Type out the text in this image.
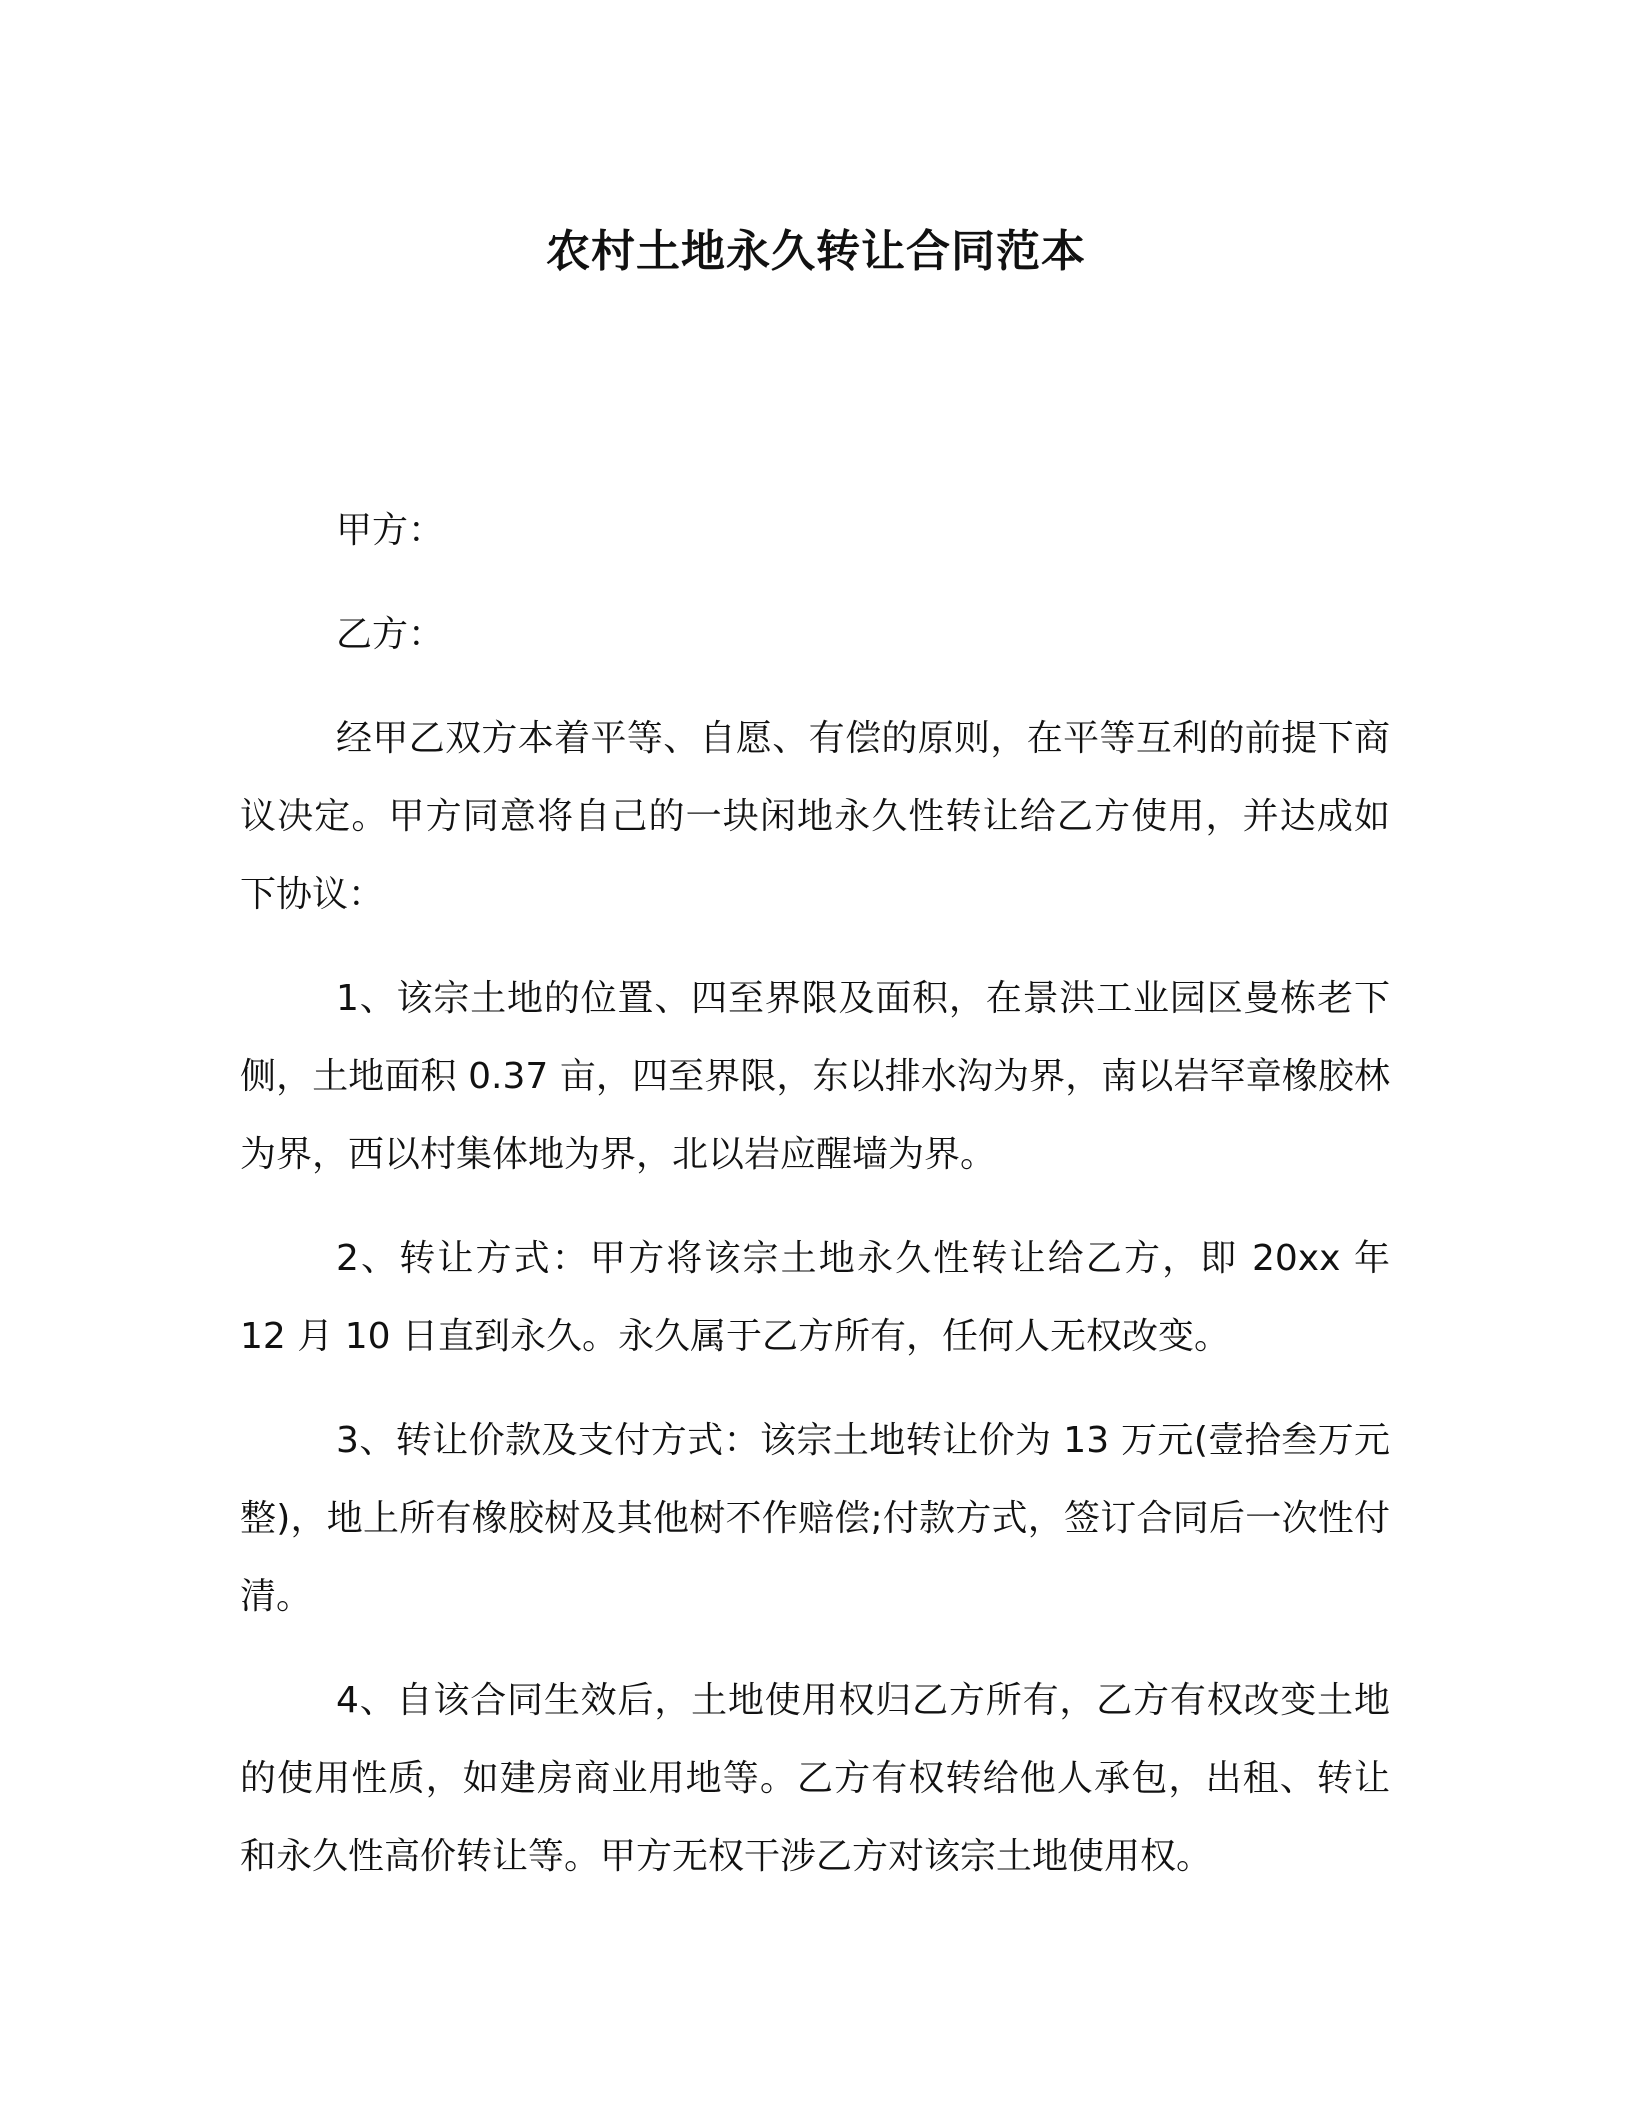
农村土地永久转让合同范本

甲方：

乙方：

经甲乙双方本着平等、自愿、有偿的原则，在平等互利的前提下商议决定。甲方同意将自己的一块闲地永久性转让给乙方使用，并达成如下协议：

1、该宗土地的位置、四至界限及面积，在景洪工业园区曼栋老下侧，土地面积 0.37 亩，四至界限，东以排水沟为界，南以岩罕章橡胶林为界，西以村集体地为界，北以岩应醒墙为界。

2、转让方式：甲方将该宗土地永久性转让给乙方，即 20xx 年 12 月 10 日直到永久。永久属于乙方所有，任何人无权改变。

3、转让价款及支付方式：该宗土地转让价为 13 万元(壹拾叁万元整)，地上所有橡胶树及其他树不作赔偿;付款方式，签订合同后一次性付清。

4、自该合同生效后，土地使用权归乙方所有，乙方有权改变土地的使用性质，如建房商业用地等。乙方有权转给他人承包，出租、转让和永久性高价转让等。甲方无权干涉乙方对该宗土地使用权。
